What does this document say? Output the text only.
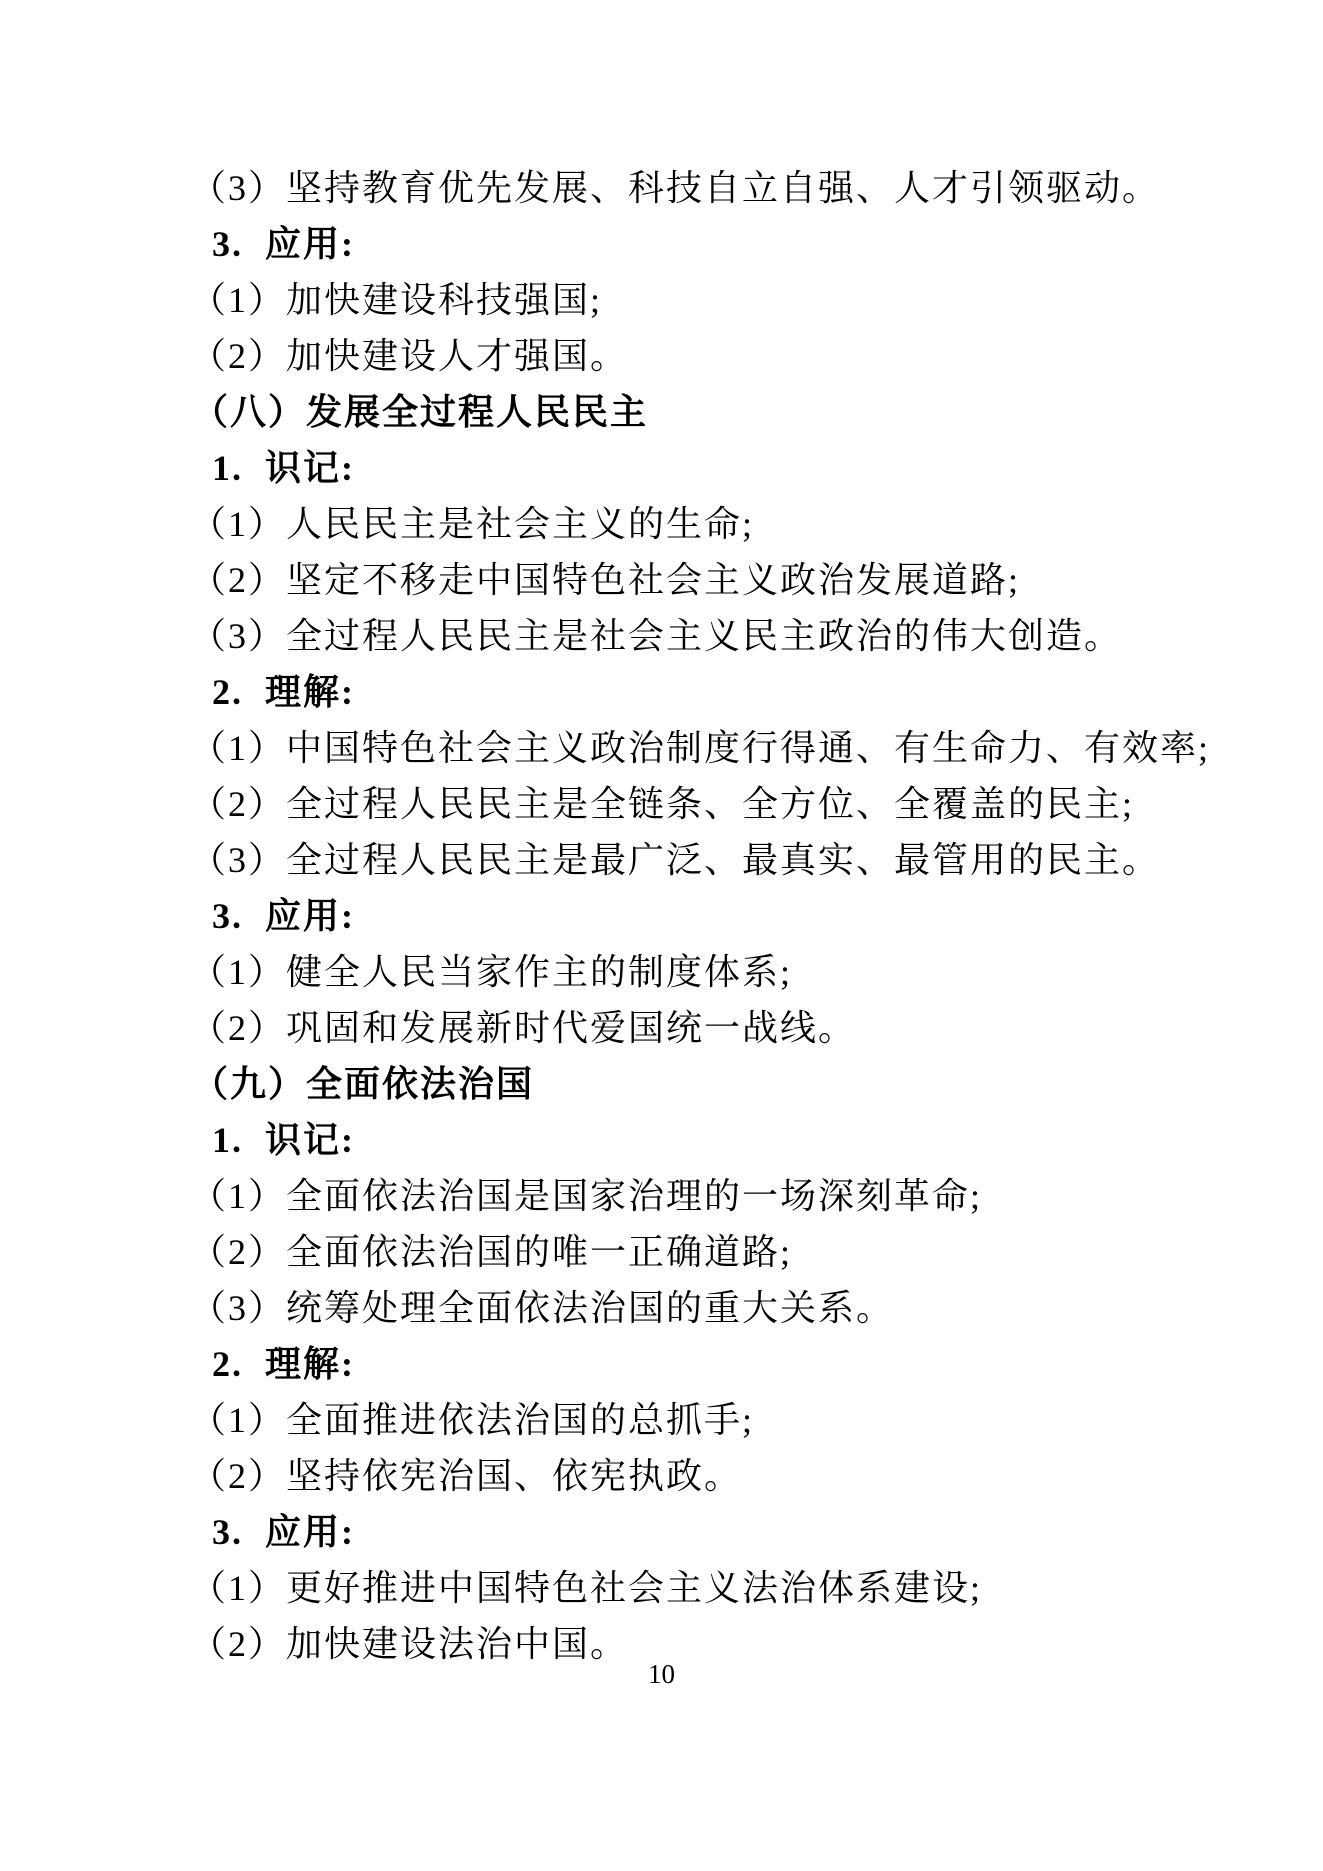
（3）坚持教育优先发展、科技自立自强、人才引领驱动。
3.  应用:
（1）加快建设科技强国;
（2）加快建设人才强国。
（八）发展全过程人民民主
1.  识记:
（1）人民民主是社会主义的生命;
（2）坚定不移走中国特色社会主义政治发展道路;
（3）全过程人民民主是社会主义民主政治的伟大创造。
2.  理解:
（1）中国特色社会主义政治制度行得通、有生命力、有效率;
（2）全过程人民民主是全链条、全方位、全覆盖的民主;
（3）全过程人民民主是最广泛、最真实、最管用的民主。
3.  应用:
（1）健全人民当家作主的制度体系;
（2）巩固和发展新时代爱国统一战线。
（九）全面依法治国
1.  识记:
（1）全面依法治国是国家治理的一场深刻革命;
（2）全面依法治国的唯一正确道路;
（3）统筹处理全面依法治国的重大关系。
2.  理解:
（1）全面推进依法治国的总抓手;
（2）坚持依宪治国、依宪执政。
3.  应用:
（1）更好推进中国特色社会主义法治体系建设;
（2）加快建设法治中国。
10
